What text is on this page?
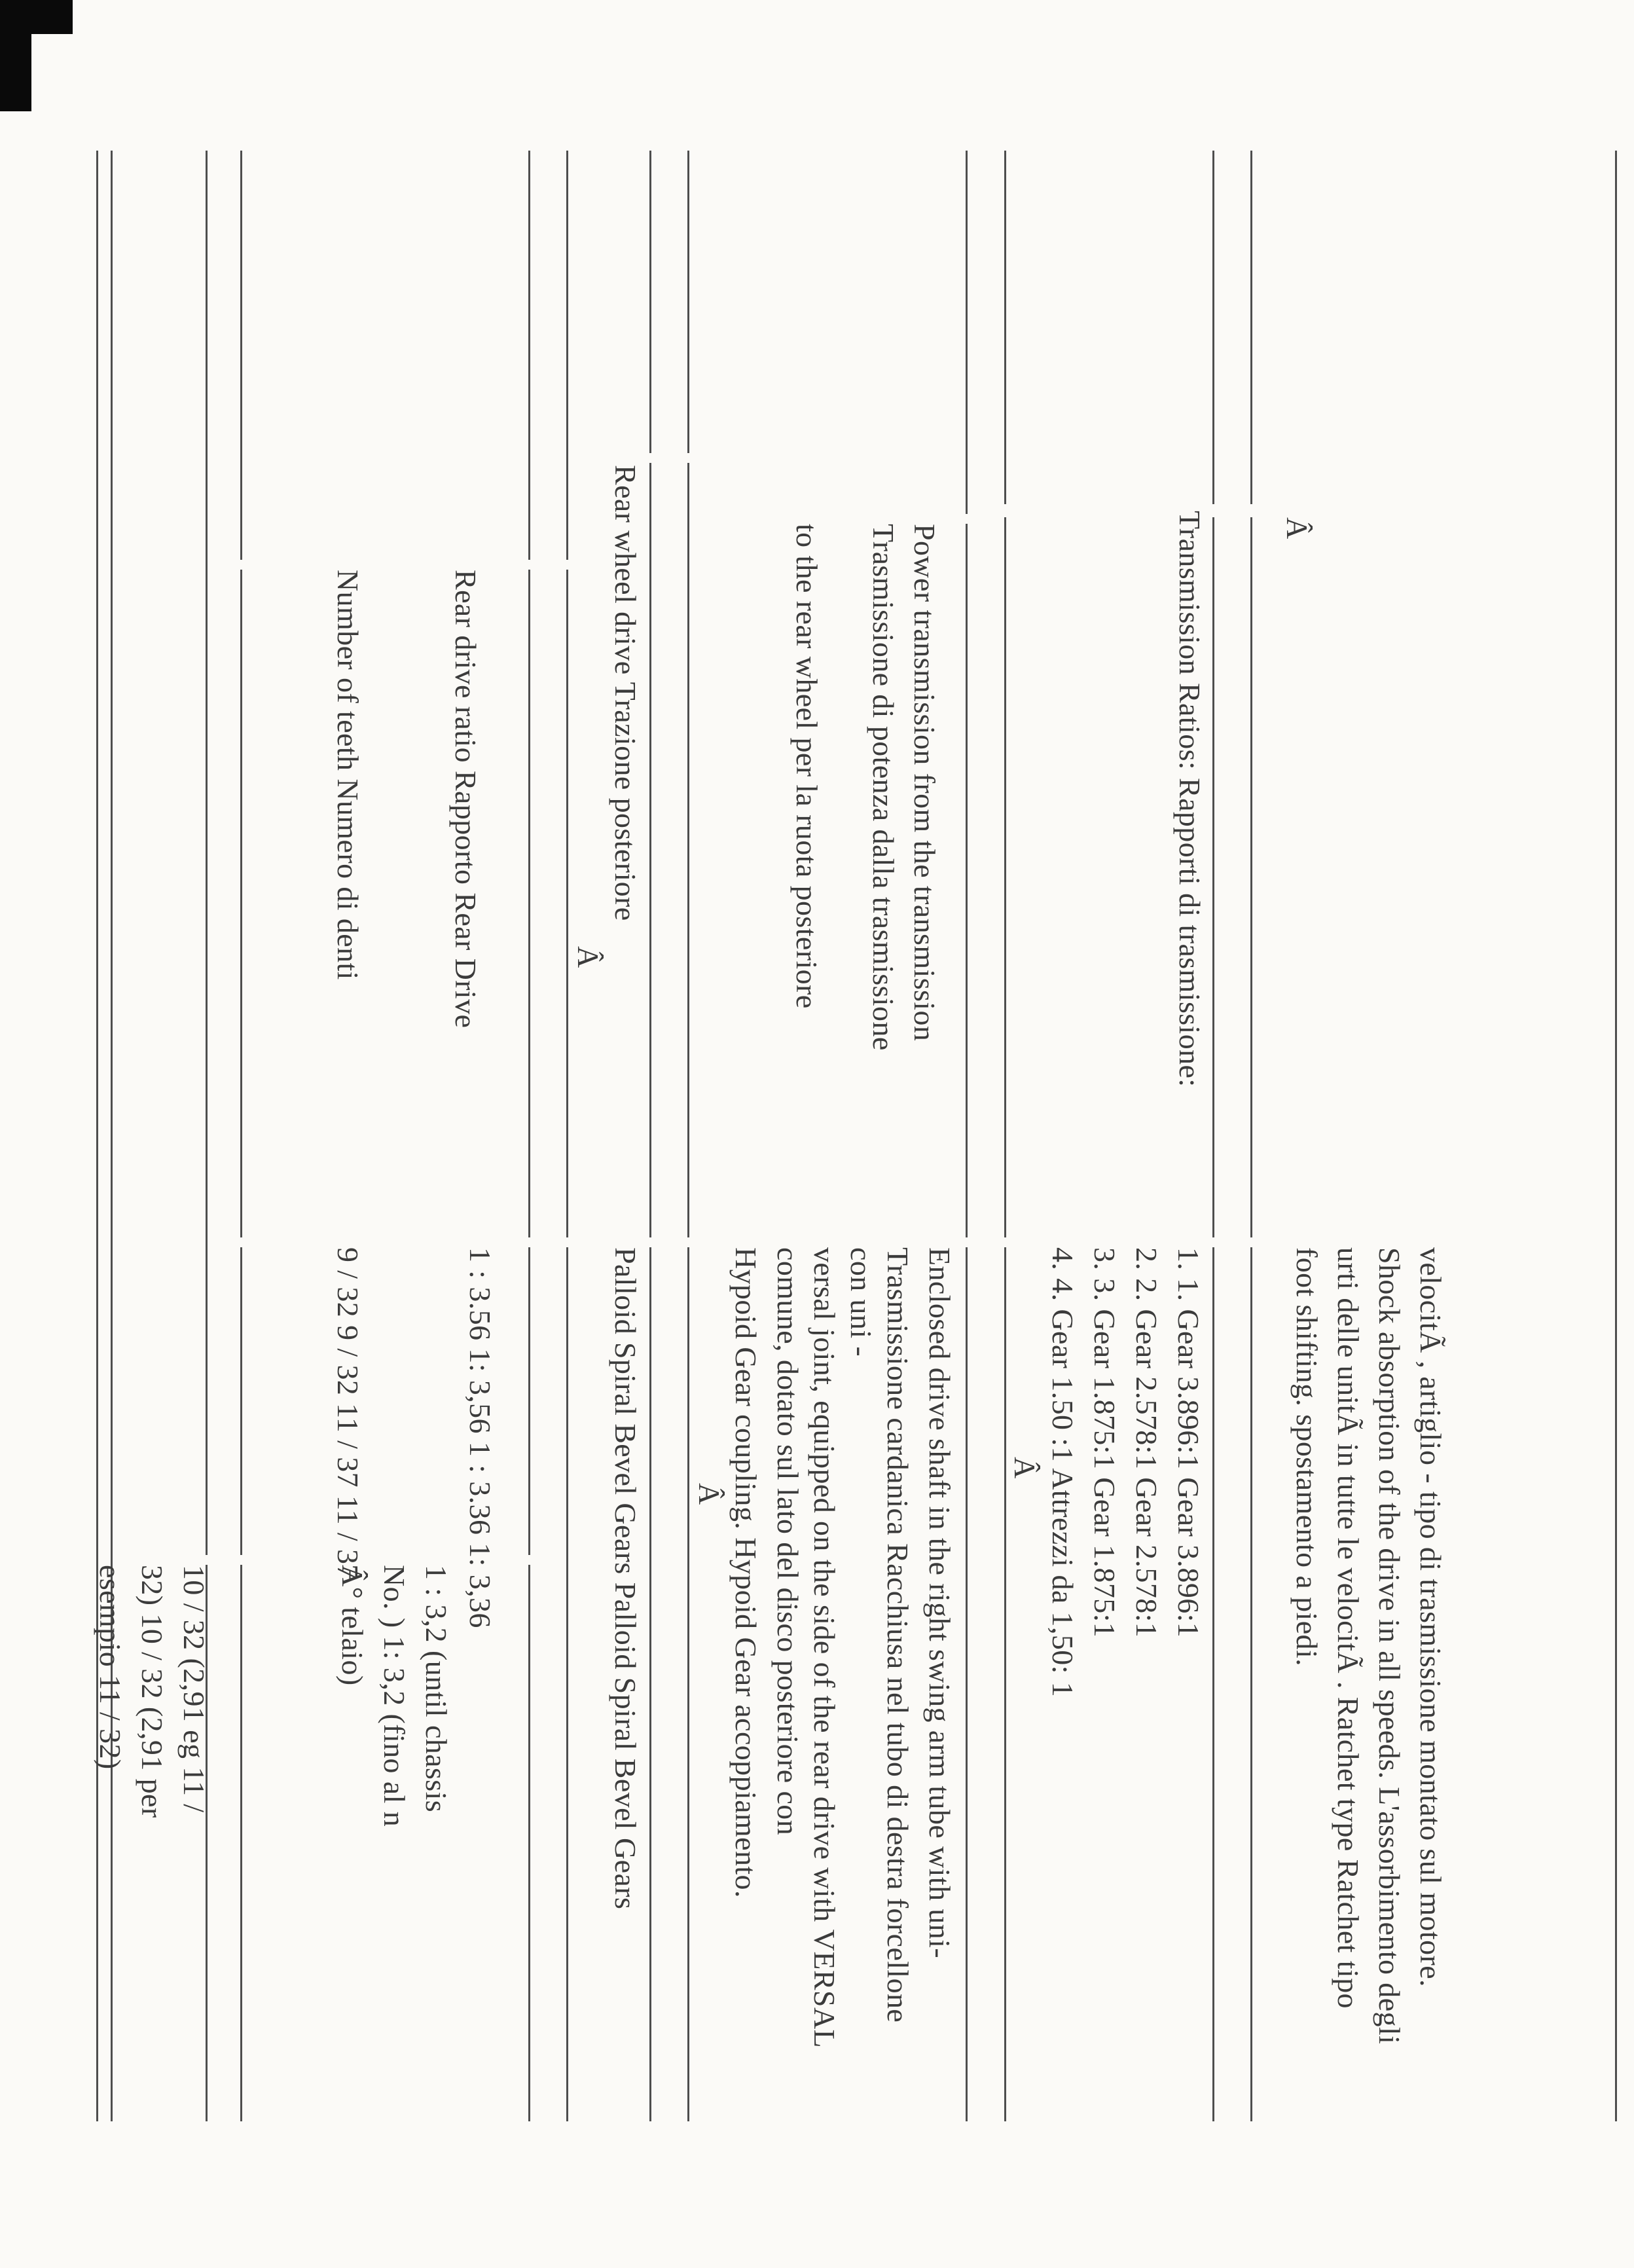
Â
velocitÃ , artiglio - tipo di trasmissione montato sul motore.
Shock absorption of the drive in all speeds. L'assorbimento degli
urti delle unitÃ in tutte le velocitÃ . Ratchet type Ratchet tipo
foot shifting. spostamento a piedi.
Transmission Ratios: Rapporti di trasmissione:
1. 1. Gear 3.896:1 Gear 3.896:1
2. 2. Gear 2.578:1 Gear 2.578:1
3. 3. Gear 1.875:1 Gear 1.875:1
4. 4. Gear 1.50 :1 Attrezzi da 1,50: 1
Â
Power transmission from the transmission
Trasmissione di potenza dalla trasmissione
to the rear wheel per la ruota posteriore
Enclosed drive shaft in the right swing arm tube with uni-
Trasmissione cardanica Racchiusa nel tubo di destra forcellone
con uni -
versal joint, equipped on the side of the rear drive with VERSAL
comune, dotato sul lato del disco posteriore con
Hypoid Gear coupling. Hypoid Gear accoppiamento.
Â
Rear wheel drive Trazione posteriore
Â
Palloid Spiral Bevel Gears Palloid Spiral Bevel Gears
Rear drive ratio Rapporto Rear Drive
1 : 3.56 1: 3,56 1 : 3.36 1: 3,36
1 : 3,2 (until chassis
No. ) 1: 3,2 (fino al n
Â° telaio)
Number of teeth Numero di denti
9 / 32 9 / 32 11 / 37 11 / 37
10 / 32 (2,91 eg 11 /
32) 10 / 32 (2,91 per
esempio 11 / 32)
